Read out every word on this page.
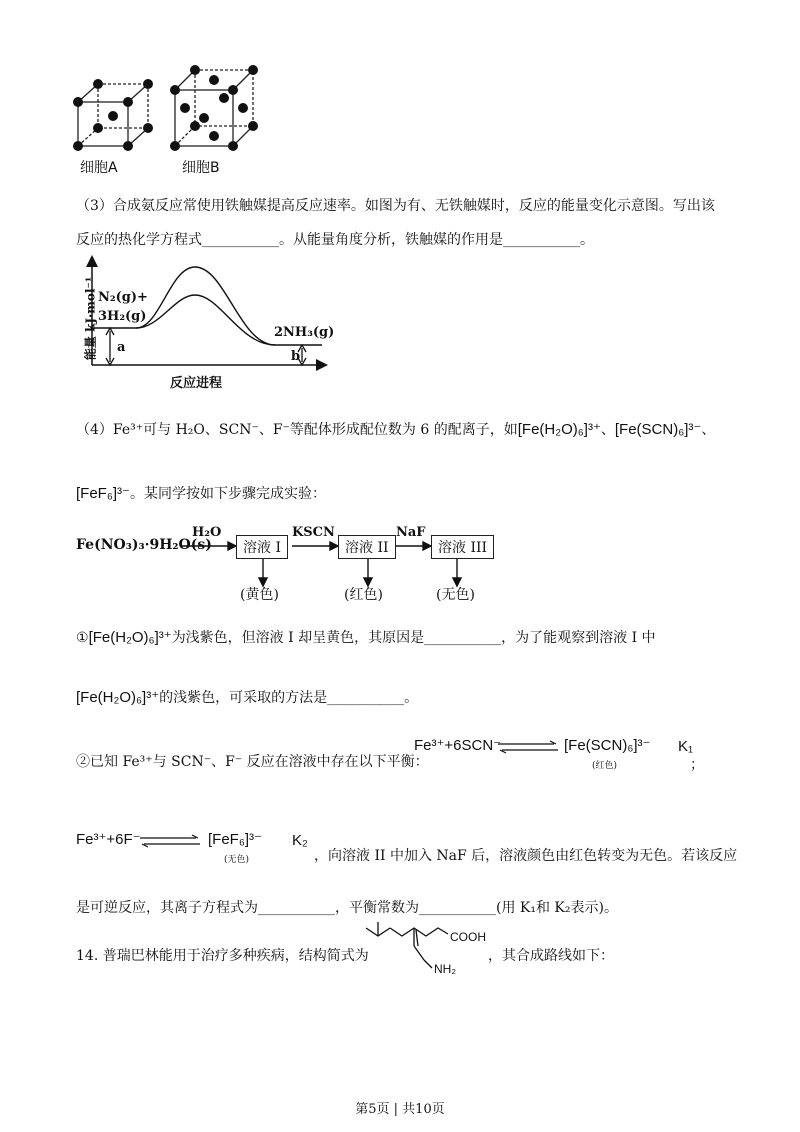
细胞A	细胞B
（3）合成氨反应常使用铁触媒提高反应速率。如图为有、无铁触媒时，反应的能量变化示意图。写出该
反应的热化学方程式___________。从能量角度分析，铁触媒的作用是___________。
能量 kJ·mol⁻¹ N₂(g)+
3H₂(g)
2NH₃(g)
a
b
反应进程
（4）Fe³⁺可与 H₂O、SCN⁻、F⁻等配体形成配位数为 6 的配离子，如[Fe(H₂O)₆]³⁺、[Fe(SCN)₆]³⁻、
[FeF₆]³⁻。某同学按如下步骤完成实验：
Fe(NO₃)₃·9H₂O(s)
H₂O
溶液 I
KSCN
溶液 II
NaF
溶液 III
(黄色)	(红色)	(无色)
①[Fe(H₂O)₆]³⁺为浅紫色，但溶液 I 却呈黄色，其原因是___________，为了能观察到溶液 I 中
[Fe(H₂O)₆]³⁺的浅紫色，可采取的方法是___________。
②已知 Fe³⁺与 SCN⁻、F⁻ 反应在溶液中存在以下平衡：
Fe³⁺+6SCN⁻	[Fe(SCN)₆]³⁻
(红色)
K₁
；
Fe³⁺+6F⁻	[FeF₆]³⁻
(无色)
K₂
，向溶液 II 中加入 NaF 后，溶液颜色由红色转变为无色。若该反应
是可逆反应，其离子方程式为___________，平衡常数为___________(用 K₁和 K₂表示)。
14. 普瑞巴林能用于治疗多种疾病，结构简式为
COOH
NH₂
，其合成路线如下：
第5页 | 共10页
